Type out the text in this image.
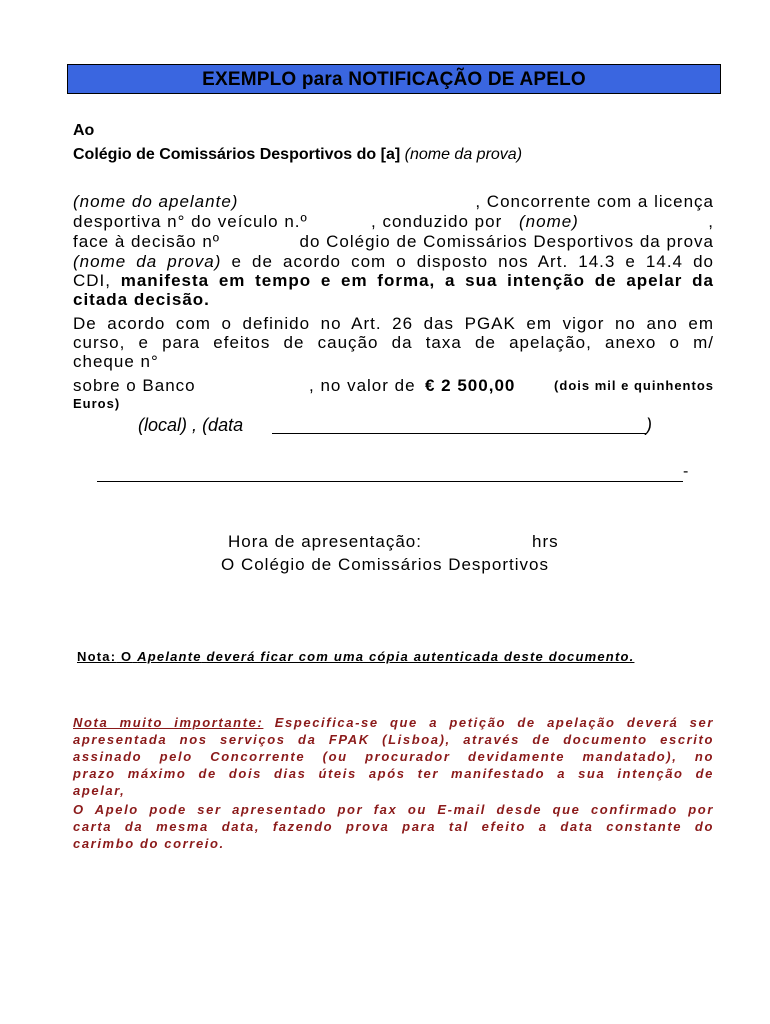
EXEMPLO para NOTIFICAÇÃO DE APELO
Ao
Colégio de Comissários Desportivos do [a] (nome da prova)
(nome do apelante)	, Concorrente com a licença
desportiva n° do veículo n.º	, conduzido por (nome)	,
face à decisão nº	do Colégio de Comissários Desportivos da prova
(nome da prova) e de acordo com o disposto nos Art. 14.3 e 14.4 do
CDI, manifesta em tempo e em forma, a sua intenção de apelar da
citada decisão.
De acordo com o definido no Art. 26 das PGAK em vigor no ano em
curso, e para efeitos de caução da taxa de apelação, anexo o m/
cheque n°
sobre o Banco	, no valor de € 2 500,00	(dois mil e quinhentos
Euros)
(local) , (data	)
-
Hora de apresentação:	hrs
O Colégio de Comissários Desportivos
Nota: O Apelante deverá ficar com uma cópia autenticada deste documento.
Nota muito importante: Especifica-se que a petição de apelação deverá ser
apresentada nos serviços da FPAK (Lisboa), através de documento escrito
assinado pelo Concorrente (ou procurador devidamente mandatado), no
prazo máximo de dois dias úteis após ter manifestado a sua intenção de
apelar,
O Apelo pode ser apresentado por fax ou E-mail desde que confirmado por
carta da mesma data, fazendo prova para tal efeito a data constante do
carimbo do correio.
